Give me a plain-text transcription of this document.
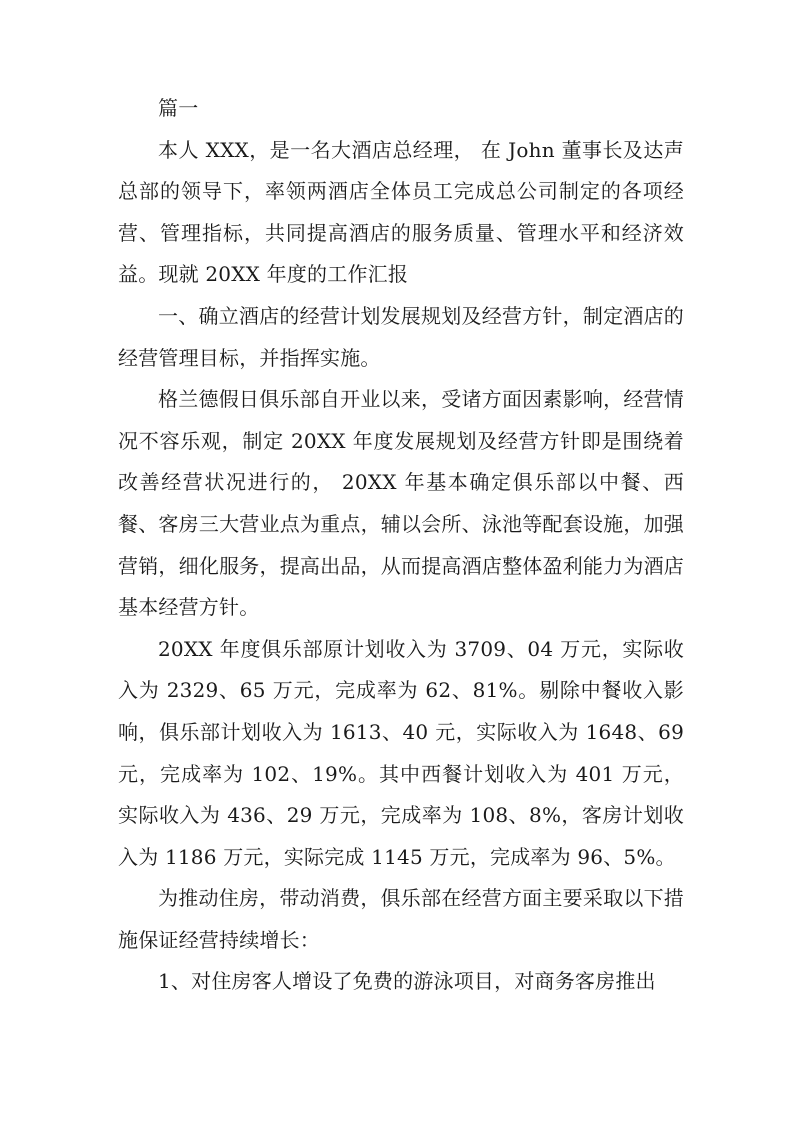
篇一

本人 XXX，是一名大酒店总经理， 在 John 董事长及达声总部的领导下，率领两酒店全体员工完成总公司制定的各项经营、管理指标，共同提高酒店的服务质量、管理水平和经济效益。现就 20XX 年度的工作汇报

一、确立酒店的经营计划发展规划及经营方针，制定酒店的经营管理目标，并指挥实施。

格兰德假日俱乐部自开业以来，受诸方面因素影响，经营情况不容乐观，制定 20XX 年度发展规划及经营方针即是围绕着改善经营状况进行的， 20XX 年基本确定俱乐部以中餐、西餐、客房三大营业点为重点，辅以会所、泳池等配套设施，加强营销，细化服务，提高出品，从而提高酒店整体盈利能力为酒店基本经营方针。

20XX 年度俱乐部原计划收入为 3709、04 万元，实际收入为 2329、65 万元，完成率为 62、81%。剔除中餐收入影响，俱乐部计划收入为 1613、40 元，实际收入为 1648、69 元，完成率为 102、19%。其中西餐计划收入为 401 万元，实际收入为 436、29 万元，完成率为 108、8%，客房计划收入为 1186 万元，实际完成 1145 万元，完成率为 96、5%。

为推动住房，带动消费，俱乐部在经营方面主要采取以下措施保证经营持续增长：

1、对住房客人增设了免费的游泳项目，对商务客房推出
